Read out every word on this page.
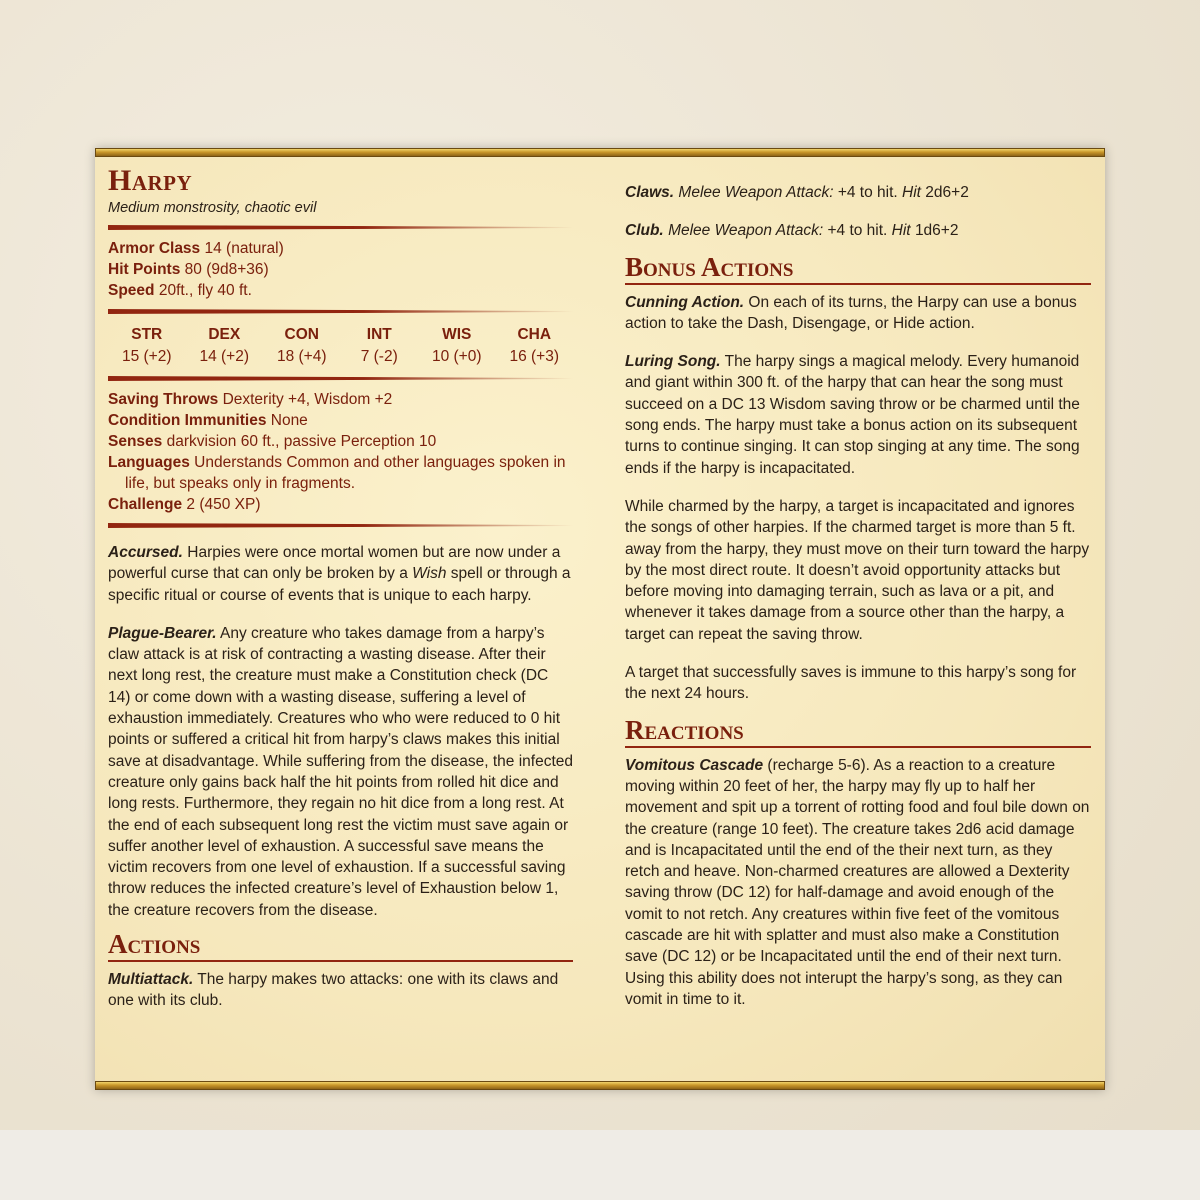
Harpy
Medium monstrosity, chaotic evil
Armor Class 14 (natural)
Hit Points 80 (9d8+36)
Speed 20ft., fly 40 ft.
STR
15 (+2)
DEX
14 (+2)
CON
18 (+4)
INT
7 (-2)
WIS
10 (+0)
CHA
16 (+3)
Saving Throws Dexterity +4, Wisdom +2
Condition Immunities None
Senses darkvision 60 ft., passive Perception 10
Languages Understands Common and other languages spoken in life, but speaks only in fragments.
Challenge 2 (450 XP)

Accursed. Harpies were once mortal women but are now under a powerful curse that can only be broken by a Wish spell or through a specific ritual or course of events that is unique to each harpy.

Plague-Bearer. Any creature who takes damage from a harpy’s claw attack is at risk of contracting a wasting disease. After their next long rest, the creature must make a Constitution check (DC 14) or come down with a wasting disease, suffering a level of exhaustion immediately. Creatures who who were reduced to 0 hit points or suffered a critical hit from harpy’s claws makes this initial save at disadvantage. While suffering from the disease, the infected creature only gains back half the hit points from rolled hit dice and long rests. Furthermore, they regain no hit dice from a long rest. At the end of each subsequent long rest the victim must save again or suffer another level of exhaustion. A successful save means the victim recovers from one level of exhaustion. If a successful saving throw reduces the infected creature’s level of Exhaustion below 1, the creature recovers from the disease.

Actions

Multiattack. The harpy makes two attacks: one with its claws and one with its club.

Claws. Melee Weapon Attack: +4 to hit. Hit 2d6+2

Club. Melee Weapon Attack: +4 to hit. Hit 1d6+2

Bonus Actions

Cunning Action. On each of its turns, the Harpy can use a bonus action to take the Dash, Disengage, or Hide action.

Luring Song. The harpy sings a magical melody. Every humanoid and giant within 300 ft. of the harpy that can hear the song must succeed on a DC 13 Wisdom saving throw or be charmed until the song ends. The harpy must take a bonus action on its subsequent turns to continue singing. It can stop singing at any time. The song ends if the harpy is incapacitated.

While charmed by the harpy, a target is incapacitated and ignores the songs of other harpies. If the charmed target is more than 5 ft. away from the harpy, they must move on their turn toward the harpy by the most direct route. It doesn’t avoid opportunity attacks but before moving into damaging terrain, such as lava or a pit, and whenever it takes damage from a source other than the harpy, a target can repeat the saving throw.

A target that successfully saves is immune to this harpy’s song for the next 24 hours.

Reactions

Vomitous Cascade (recharge 5-6). As a reaction to a creature moving within 20 feet of her, the harpy may fly up to half her movement and spit up a torrent of rotting food and foul bile down on the creature (range 10 feet). The creature takes 2d6 acid damage and is Incapacitated until the end of the their next turn, as they retch and heave. Non-charmed creatures are allowed a Dexterity saving throw (DC 12) for half-damage and avoid enough of the vomit to not retch. Any creatures within five feet of the vomitous cascade are hit with splatter and must also make a Constitution save (DC 12) or be Incapacitated until the end of their next turn. Using this ability does not interupt the harpy’s song, as they can vomit in time to it.
